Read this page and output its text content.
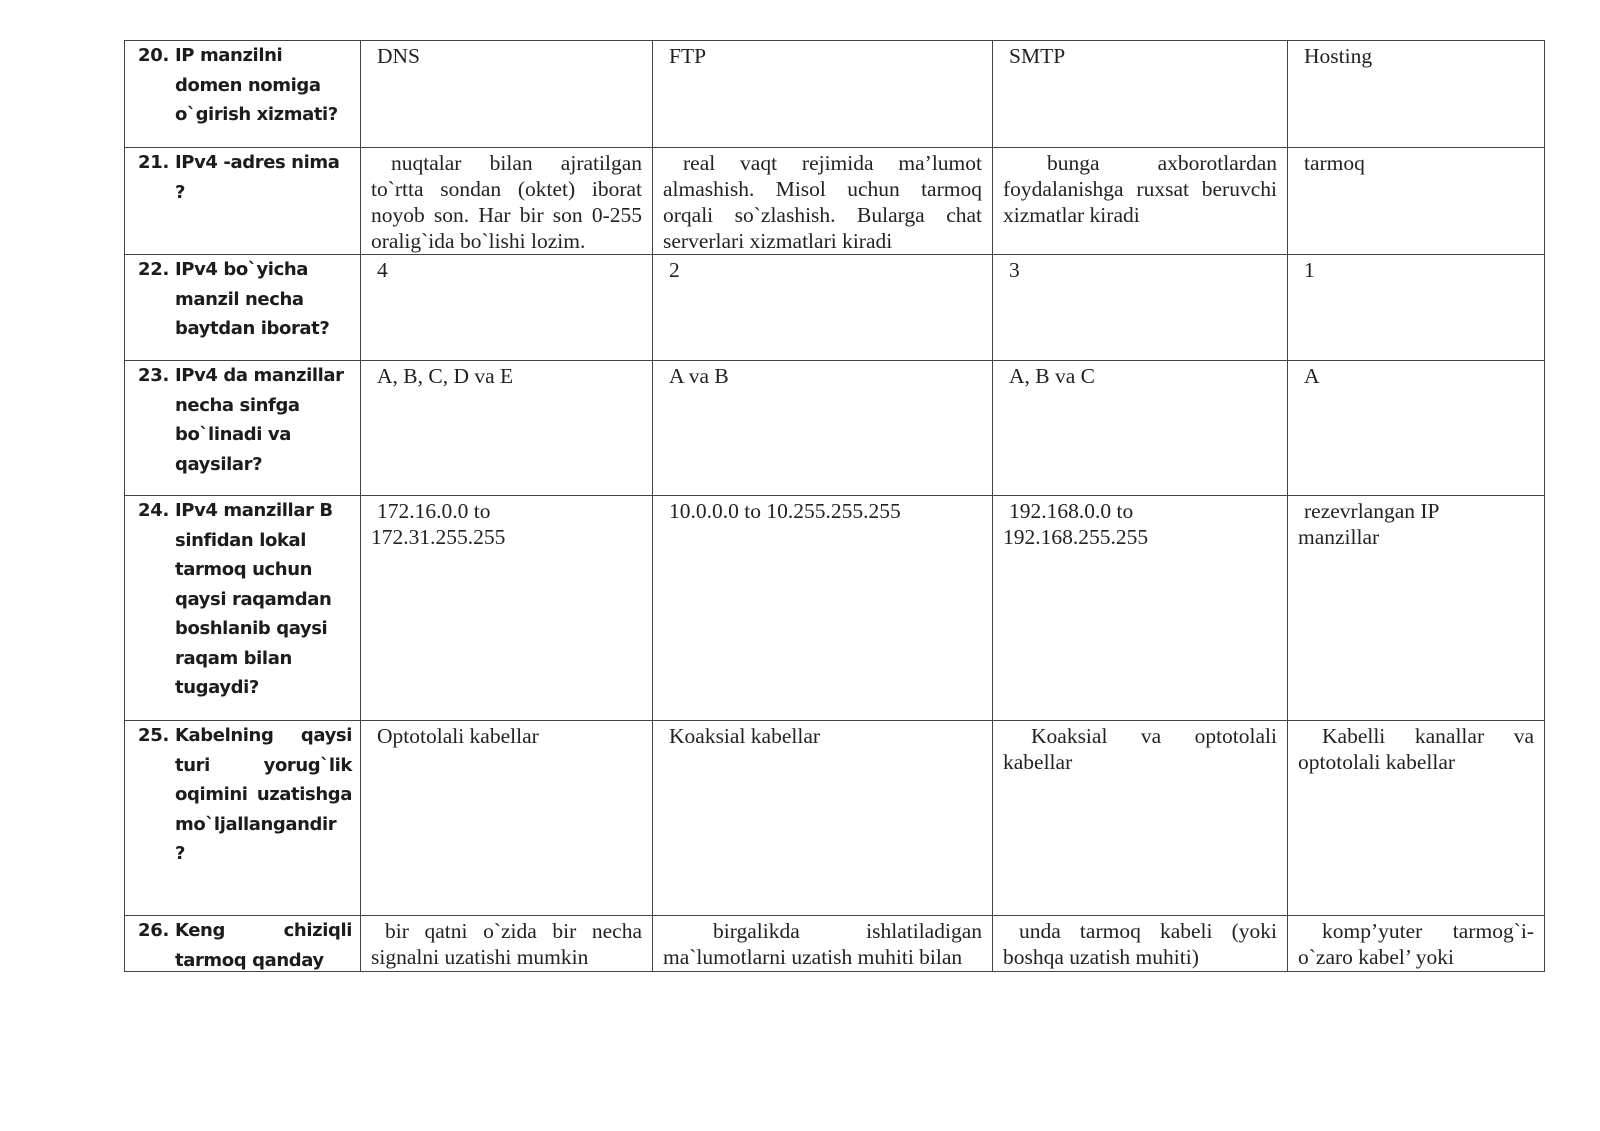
20. IP manzilni domen nomiga o`girish xizmati?	DNS	FTP	SMTP	Hosting

21. IPv4 -adres nima ?	nuqtalar bilan ajratilgan to`rtta sondan (oktet) iborat noyob son. Har bir son 0-255 oralig`ida bo`lishi lozim.	real vaqt rejimida ma’lumot almashish. Misol uchun tarmoq orqali so`zlashish. Bularga chat serverlari xizmatlari kiradi	bunga axborotlardan foydalanishga ruxsat beruvchi xizmatlar kiradi	tarmoq

22. IPv4 bo`yicha manzil necha baytdan iborat?	4	2	3	1

23. IPv4 da manzillar necha sinfga bo`linadi va qaysilar?	A, B, C, D va E	A va B	A, B va C	A

24. IPv4 manzillar B sinfidan lokal tarmoq uchun qaysi raqamdan boshlanib qaysi raqam bilan tugaydi?	172.16.0.0 to 172.31.255.255	10.0.0.0 to 10.255.255.255	192.168.0.0 to 192.168.255.255	rezevrlangan IP manzillar

25. Kabelning qaysi turi yorug`lik oqimini uzatishga mo`ljallangandir ?	Optotolali kabellar	Koaksial kabellar	Koaksial va optotolali kabellar	Kabelli kanallar va optotolali kabellar

26. Keng chiziqli tarmoq qanday	bir qatni o`zida bir necha signalni uzatishi mumkin	birgalikda ishlatiladigan ma`lumotlarni uzatish muhiti bilan	unda tarmoq kabeli (yoki boshqa uzatish muhiti)	komp’yuter tarmog`i- o`zaro kabel’ yoki
